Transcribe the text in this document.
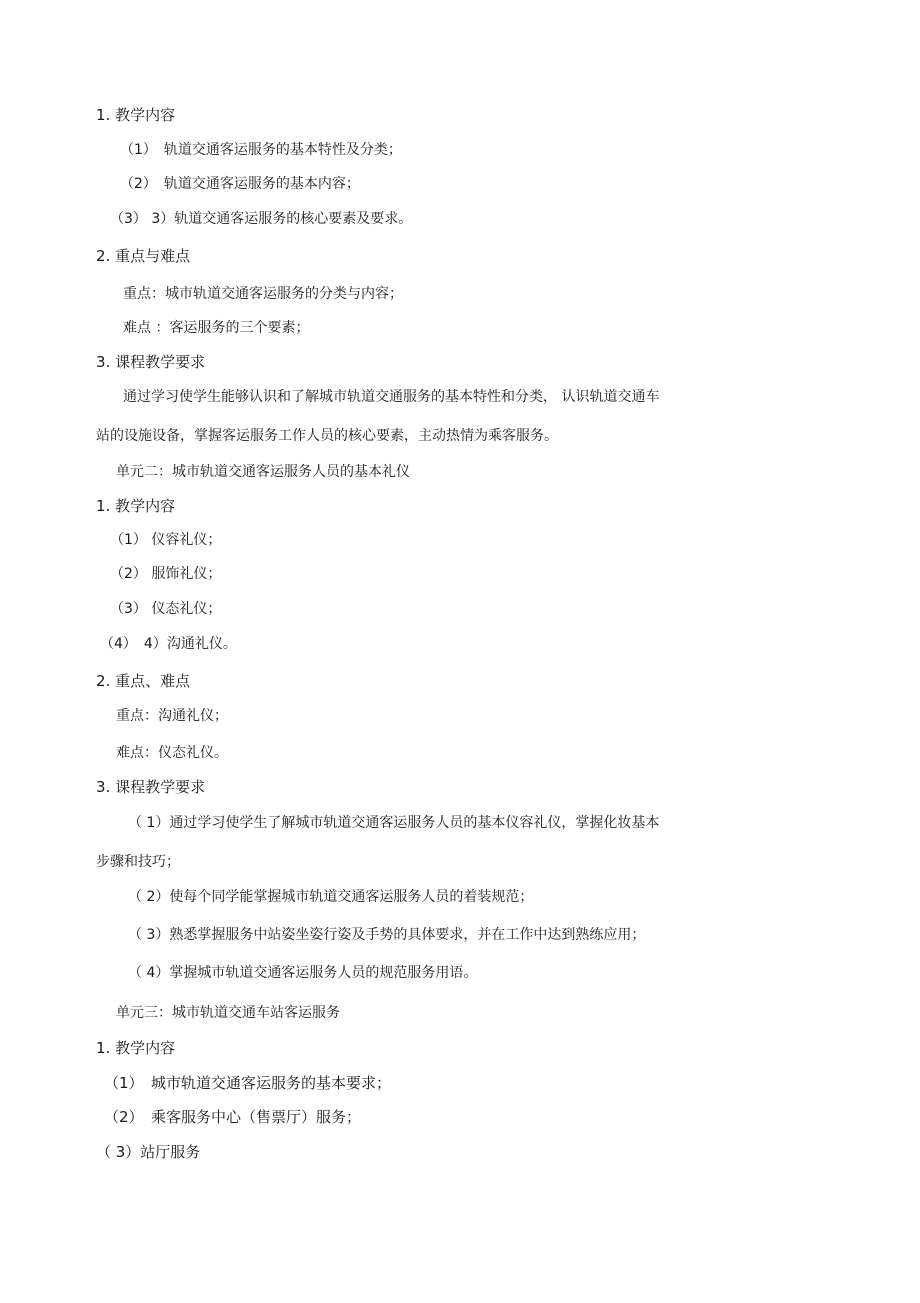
1. 教学内容
（1）　轨道交通客运服务的基本特性及分类；
（2）　轨道交通客运服务的基本内容；
（3） 3）轨道交通客运服务的核心要素及要求。
2. 重点与难点
重点：城市轨道交通客运服务的分类与内容；
难点 ：客运服务的三个要素；
3. 课程教学要求
通过学习使学生能够认识和了解城市轨道交通服务的基本特性和分类， 认识轨道交通车
站的设施设备，掌握客运服务工作人员的核心要素，主动热情为乘客服务。
单元二：城市轨道交通客运服务人员的基本礼仪
1. 教学内容
（1） 仪容礼仪；
（2） 服饰礼仪；
（3） 仪态礼仪；
（4）　4）沟通礼仪。
2. 重点、难点
重点：沟通礼仪；
难点：仪态礼仪。
3. 课程教学要求
（ 1）通过学习使学生了解城市轨道交通客运服务人员的基本仪容礼仪，掌握化妆基本
步骤和技巧；
（ 2）使每个同学能掌握城市轨道交通客运服务人员的着装规范；
（ 3）熟悉掌握服务中站姿坐姿行姿及手势的具体要求，并在工作中达到熟练应用；
（ 4）掌握城市轨道交通客运服务人员的规范服务用语。
单元三：城市轨道交通车站客运服务
1. 教学内容
（1）　城市轨道交通客运服务的基本要求；
（2）　乘客服务中心（售票厅）服务；
（ 3）站厅服务
